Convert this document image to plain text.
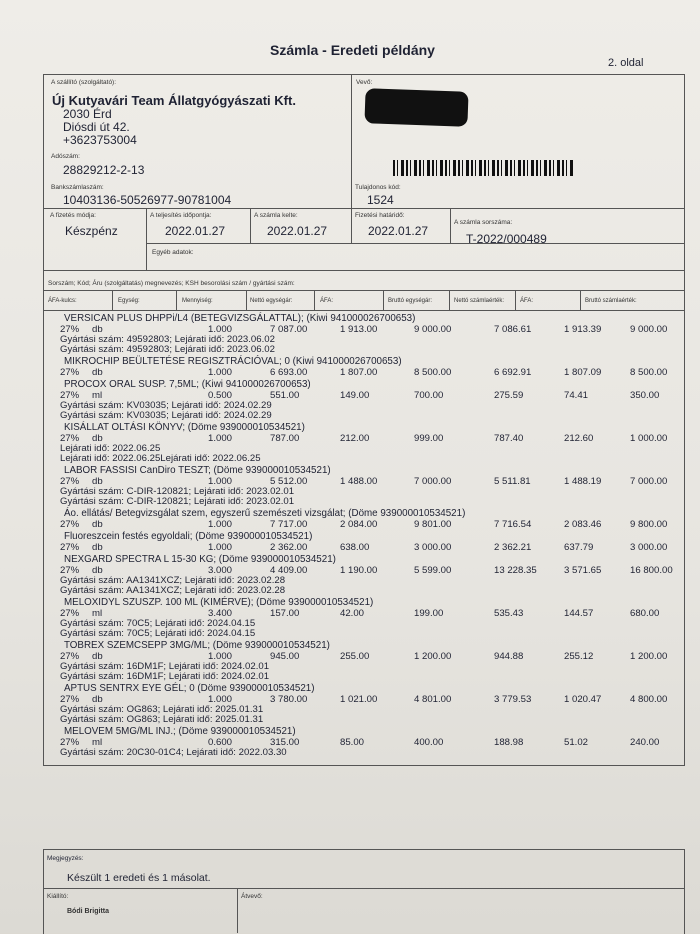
Számla - Eredeti példány
2. oldal
A szállító (szolgáltató):
Új Kutyavári Team Állatgyógyászati Kft.
2030 Érd
Diósdi út 42.
+3623753004
Adószám:
28829212-2-13
Bankszámlaszám:
10403136-50526977-90781004
Vevő:
Tulajdonos kód:
1524
A fizetés módja:
Készpénz
A teljesítés időpontja:
2022.01.27
A számla kelte:
2022.01.27
Fizetési határidő:
2022.01.27
A számla sorszáma:
T-2022/000489
Egyéb adatok:
Sorszám; Kód; Áru (szolgáltatás) megnevezés; KSH besorolási szám / gyártási szám:
ÁFA-kulcs:	Egység:	Mennyiség:	Nettó egységár:	ÁFA:	Bruttó egységár:	Nettó számlaérték:	ÁFA:	Bruttó számlaérték:
VERSICAN PLUS DHPPi/L4 (BETEGVIZSGÁLATTAL); (Kiwi 941000026700653)
27% db	1.000	7 087.00	1 913.00	9 000.00	7 086.61	1 913.39	9 000.00
Gyártási szám: 49592803; Lejárati idő: 2023.06.02
Gyártási szám: 49592803; Lejárati idő: 2023.06.02
MIKROCHIP BEÜLTETÉSE REGISZTRÁCIÓVAL; 0 (Kiwi 941000026700653)
27% db	1.000	6 693.00	1 807.00	8 500.00	6 692.91	1 807.09	8 500.00
PROCOX ORAL SUSP. 7,5ML; (Kiwi 941000026700653)
27% ml	0.500	551.00	149.00	700.00	275.59	74.41	350.00
Gyártási szám: KV03035; Lejárati idő: 2024.02.29
Gyártási szám: KV03035; Lejárati idő: 2024.02.29
KISÁLLAT OLTÁSI KÖNYV; (Döme 939000010534521)
27% db	1.000	787.00	212.00	999.00	787.40	212.60	1 000.00
Lejárati idő: 2022.06.25
Lejárati idő: 2022.06.25Lejárati idő: 2022.06.25
LABOR FASSISI CanDiro TESZT; (Döme 939000010534521)
27% db	1.000	5 512.00	1 488.00	7 000.00	5 511.81	1 488.19	7 000.00
Gyártási szám: C-DIR-120821; Lejárati idő: 2023.02.01
Gyártási szám: C-DIR-120821; Lejárati idő: 2023.02.01
Áo. ellátás/ Betegvizsgálat szem, egyszerű szemészeti vizsgálat; (Döme 939000010534521)
27% db	1.000	7 717.00	2 084.00	9 801.00	7 716.54	2 083.46	9 800.00
Fluoreszcein festés egyoldali; (Döme 939000010534521)
27% db	1.000	2 362.00	638.00	3 000.00	2 362.21	637.79	3 000.00
NEXGARD SPECTRA L 15-30 KG; (Döme 939000010534521)
27% db	3.000	4 409.00	1 190.00	5 599.00	13 228.35	3 571.65	16 800.00
Gyártási szám: AA1341XCZ; Lejárati idő: 2023.02.28
Gyártási szám: AA1341XCZ; Lejárati idő: 2023.02.28
MELOXIDYL SZUSZP. 100 ML (KIMÉRVE); (Döme 939000010534521)
27% ml	3.400	157.00	42.00	199.00	535.43	144.57	680.00
Gyártási szám: 70C5; Lejárati idő: 2024.04.15
Gyártási szám: 70C5; Lejárati idő: 2024.04.15
TOBREX SZEMCSEPP 3MG/ML; (Döme 939000010534521)
27% db	1.000	945.00	255.00	1 200.00	944.88	255.12	1 200.00
Gyártási szám: 16DM1F; Lejárati idő: 2024.02.01
Gyártási szám: 16DM1F; Lejárati idő: 2024.02.01
APTUS SENTRX EYE GÉL; 0 (Döme 939000010534521)
27% db	1.000	3 780.00	1 021.00	4 801.00	3 779.53	1 020.47	4 800.00
Gyártási szám: OG863; Lejárati idő: 2025.01.31
Gyártási szám: OG863; Lejárati idő: 2025.01.31
MELOVEM 5MG/ML INJ.; (Döme 939000010534521)
27% ml	0.600	315.00	85.00	400.00	188.98	51.02	240.00
Gyártási szám: 20C30-01C4; Lejárati idő: 2022.03.30
Megjegyzés:
Készült 1 eredeti és 1 másolat.
Kiállító:
Bódi Brigitta
Átvevő:
